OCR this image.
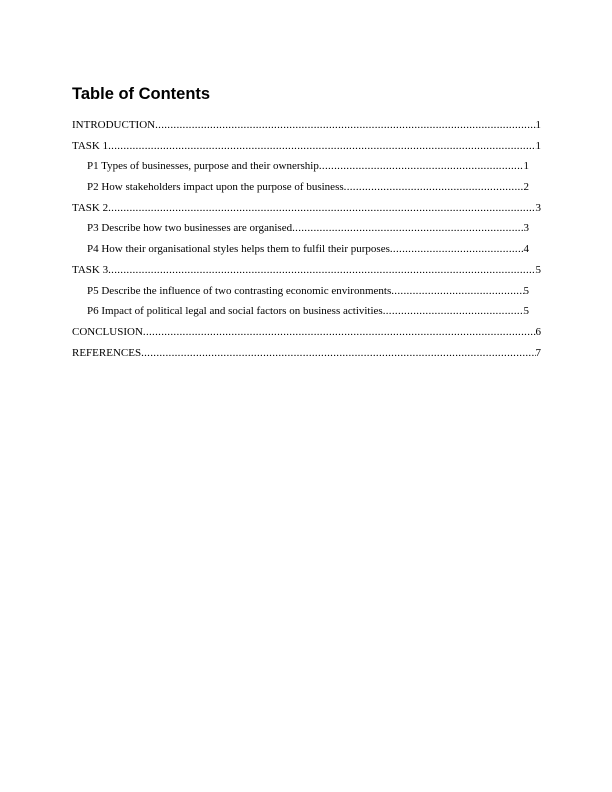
Table of Contents
INTRODUCTION .....	1
TASK 1 .....	1
P1 Types of businesses, purpose and their ownership .....	1
P2 How stakeholders impact upon the purpose of business .....	2
TASK 2 .....	3
P3 Describe how two businesses are organised .....	3
P4 How their organisational styles helps them to fulfil their purposes .....	4
TASK 3 .....	5
P5 Describe the influence of two contrasting economic environments .....	5
P6 Impact of political legal and social factors on business activities .....	5
CONCLUSION .....	6
REFERENCES .....	7
